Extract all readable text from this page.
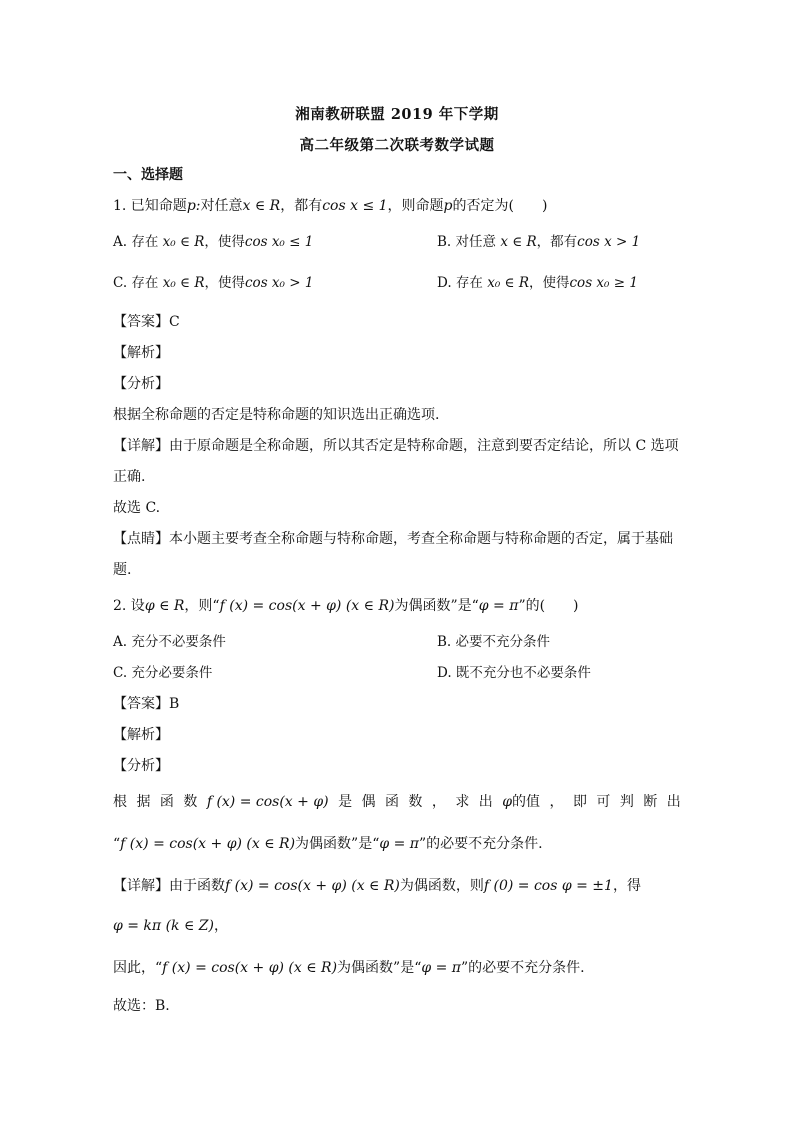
湘南教研联盟 2019 年下学期
高二年级第二次联考数学试题
一、选择题
1. 已知命题p:对任意x ∈ R，都有cos x ≤ 1，则命题p的否定为(　　)
A. 存在 x₀ ∈ R，使得cos x₀ ≤ 1	B. 对任意 x ∈ R，都有cos x > 1
C. 存在 x₀ ∈ R，使得cos x₀ > 1	D. 存在 x₀ ∈ R，使得cos x₀ ≥ 1
【答案】C
【解析】
【分析】
根据全称命题的否定是特称命题的知识选出正确选项.
【详解】由于原命题是全称命题，所以其否定是特称命题，注意到要否定结论，所以 C 选项
正确.
故选 C.
【点睛】本小题主要考查全称命题与特称命题，考查全称命题与特称命题的否定，属于基础
题.
2. 设φ ∈ R，则“f (x) = cos(x + φ) (x ∈ R)为偶函数”是“φ = π”的(　　)
A. 充分不必要条件	B. 必要不充分条件
C. 充分必要条件	D. 既不充分也不必要条件
【答案】B
【解析】
【分析】
根 据 函 数 f (x) = cos(x + φ) 是 偶 函 数 ， 求 出 φ的值 ， 即 可 判 断 出
“f (x) = cos(x + φ) (x ∈ R)为偶函数”是“φ = π”的必要不充分条件.
【详解】由于函数f (x) = cos(x + φ) (x ∈ R)为偶函数，则f (0) = cos φ = ±1，得
φ = kπ (k ∈ Z)，
因此，“f (x) = cos(x + φ) (x ∈ R)为偶函数”是“φ = π”的必要不充分条件.
故选：B.
